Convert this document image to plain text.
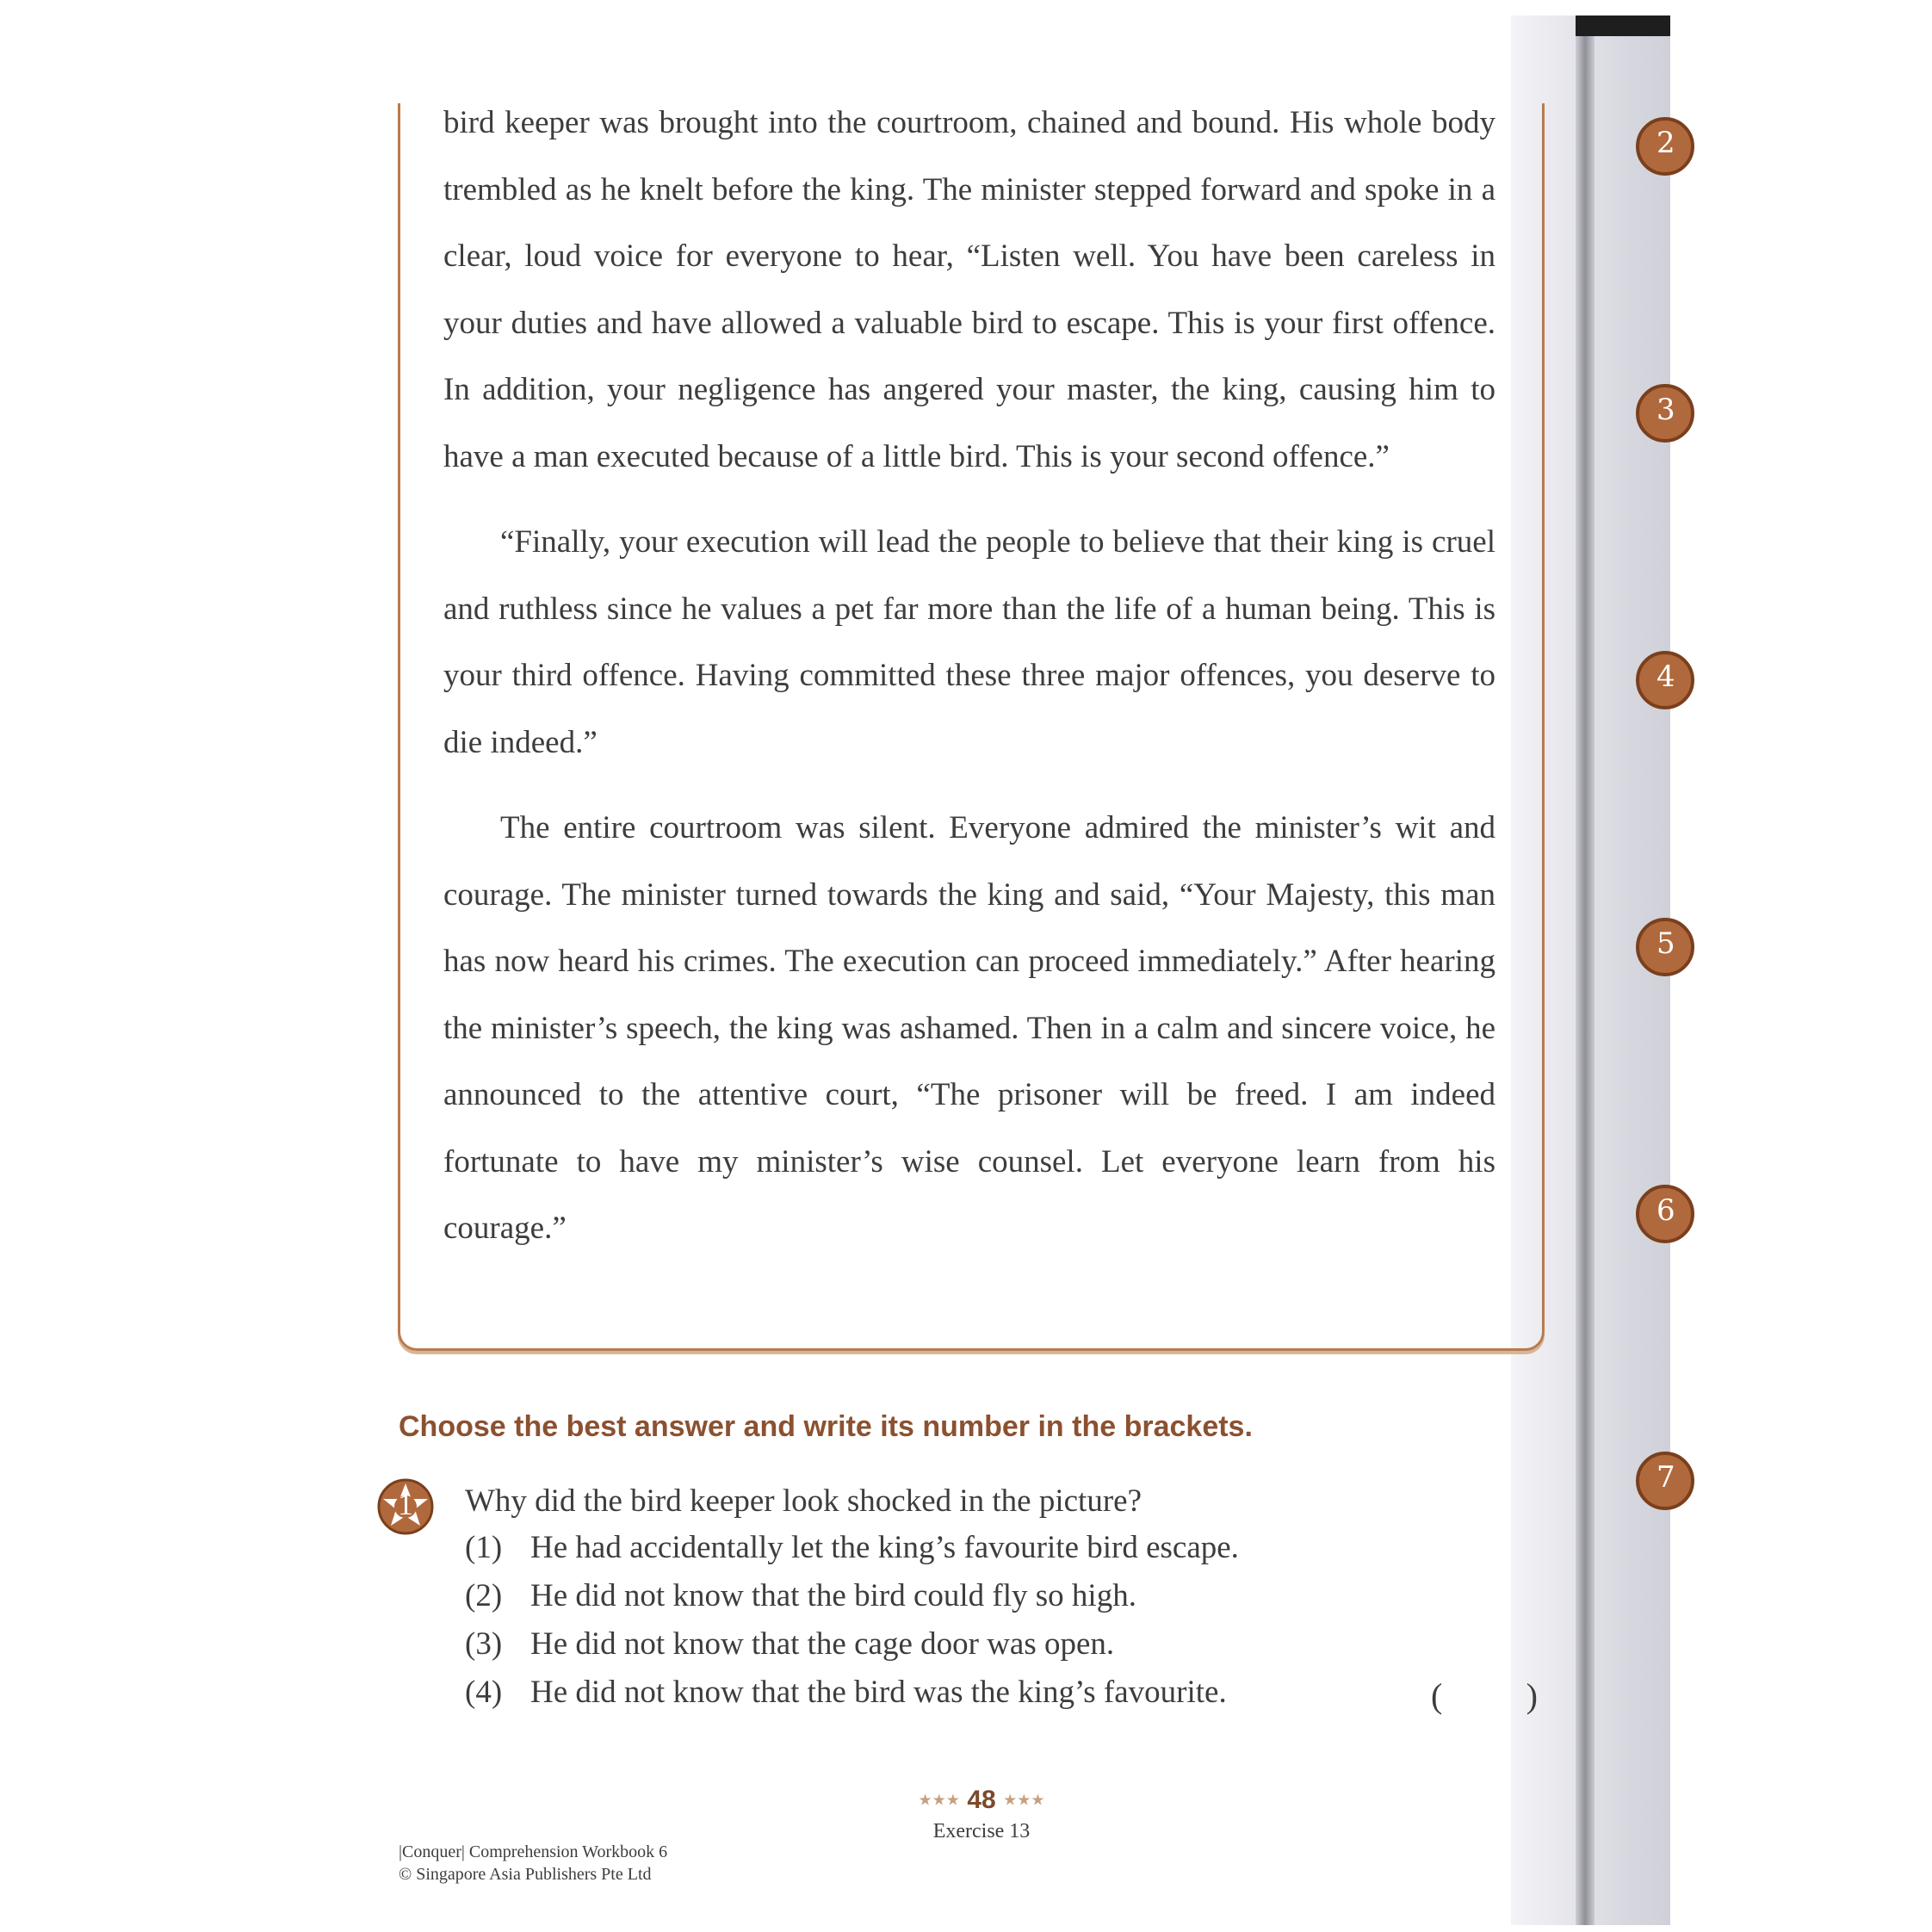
2
3
4
5
6
7

bird keeper was brought into the courtroom, chained and bound. His whole body trembled as he knelt before the king. The minister stepped forward and spoke in a clear, loud voice for everyone to hear, “Listen well. You have been careless in your duties and have allowed a valuable bird to escape. This is your first offence. In addition, your negligence has angered your master, the king, causing him to have a man executed because of a little bird. This is your second offence.”

“Finally, your execution will lead the people to believe that their king is cruel and ruthless since he values a pet far more than the life of a human being. This is your third offence. Having committed these three major offences, you deserve to die indeed.”

The entire courtroom was silent. Everyone admired the minister’s wit and courage. The minister turned towards the king and said, “Your Majesty, this man has now heard his crimes. The execution can proceed immediately.” After hearing the minister’s speech, the king was ashamed. Then in a calm and sincere voice, he announced to the attentive court, “The prisoner will be freed. I am indeed fortunate to have my minister’s wise counsel. Let everyone learn from his courage.”

Choose the best answer and write its number in the brackets.
1	Why did the bird keeper look shocked in the picture?
(1) He had accidentally let the king’s favourite bird escape.
(2) He did not know that the bird could fly so high.
(3) He did not know that the cage door was open.
(4) He did not know that the bird was the king’s favourite.	( )
★★★ 48 ★★★
Exercise 13
|Conquer| Comprehension Workbook 6
© Singapore Asia Publishers Pte Ltd
